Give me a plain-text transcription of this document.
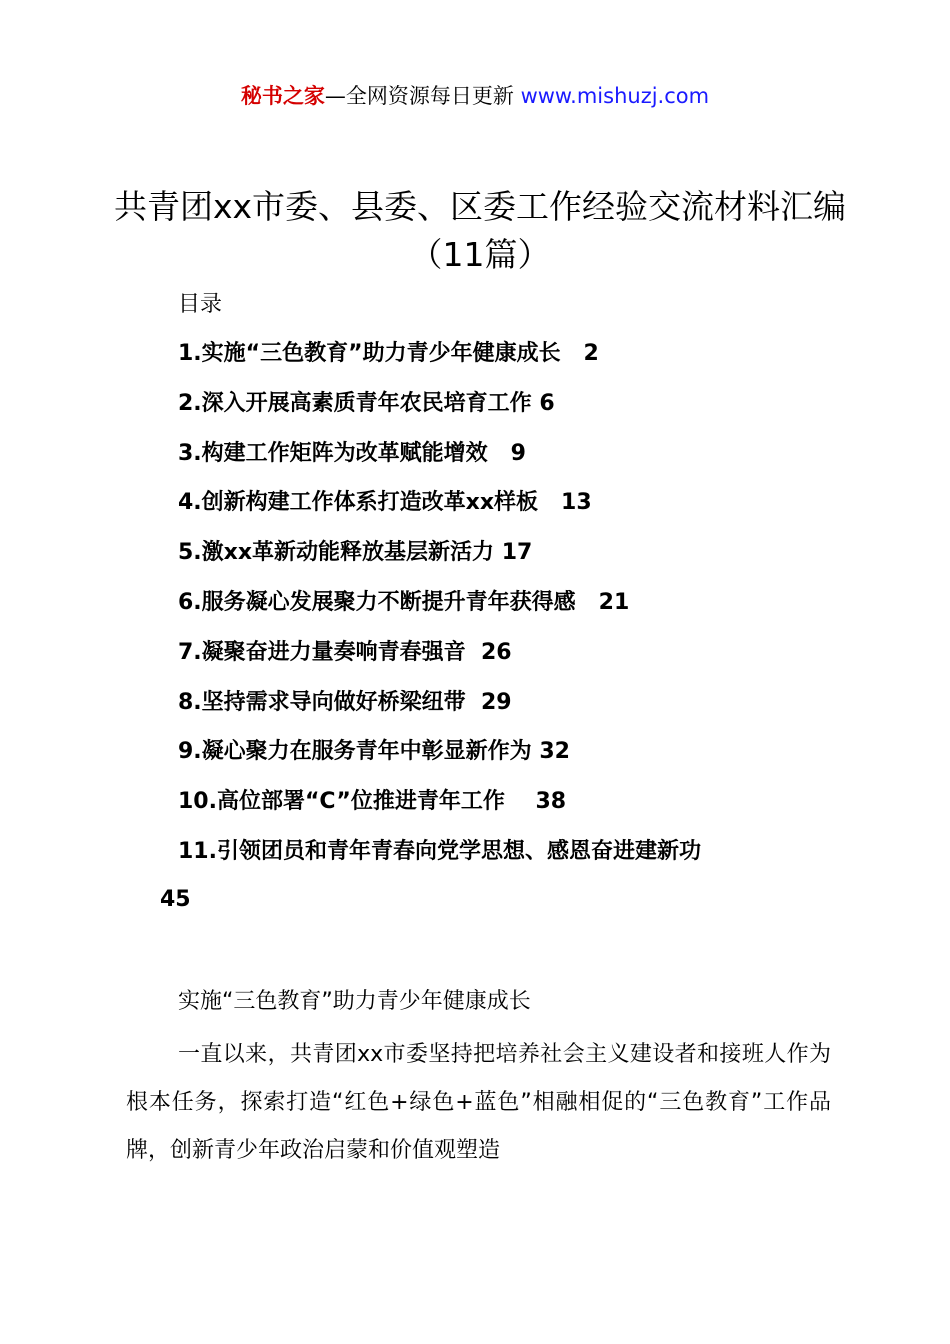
秘书之家—全网资源每日更新 www.mishuzj.com
共青团xx市委、县委、区委工作经验交流材料汇编（11篇）
目录
1.实施“三色教育”助力青少年健康成长   2
2.深入开展高素质青年农民培育工作 6
3.构建工作矩阵为改革赋能增效   9
4.创新构建工作体系打造改革xx样板   13
5.激xx革新动能释放基层新活力 17
6.服务凝心发展聚力不断提升青年获得感   21
7.凝聚奋进力量奏响青春强音  26
8.坚持需求导向做好桥梁纽带  29
9.凝心聚力在服务青年中彰显新作为 32
10.高位部署“C”位推进青年工作    38
11.引领团员和青年青春向党学思想、感恩奋进建新功
45
实施“三色教育”助力青少年健康成长

一直以来，共青团xx市委坚持把培养社会主义建设者和接班人作为根本任务，探索打造“红色+绿色+蓝色”相融相促的“三色教育”工作品牌，创新青少年政治启蒙和价值观塑造
